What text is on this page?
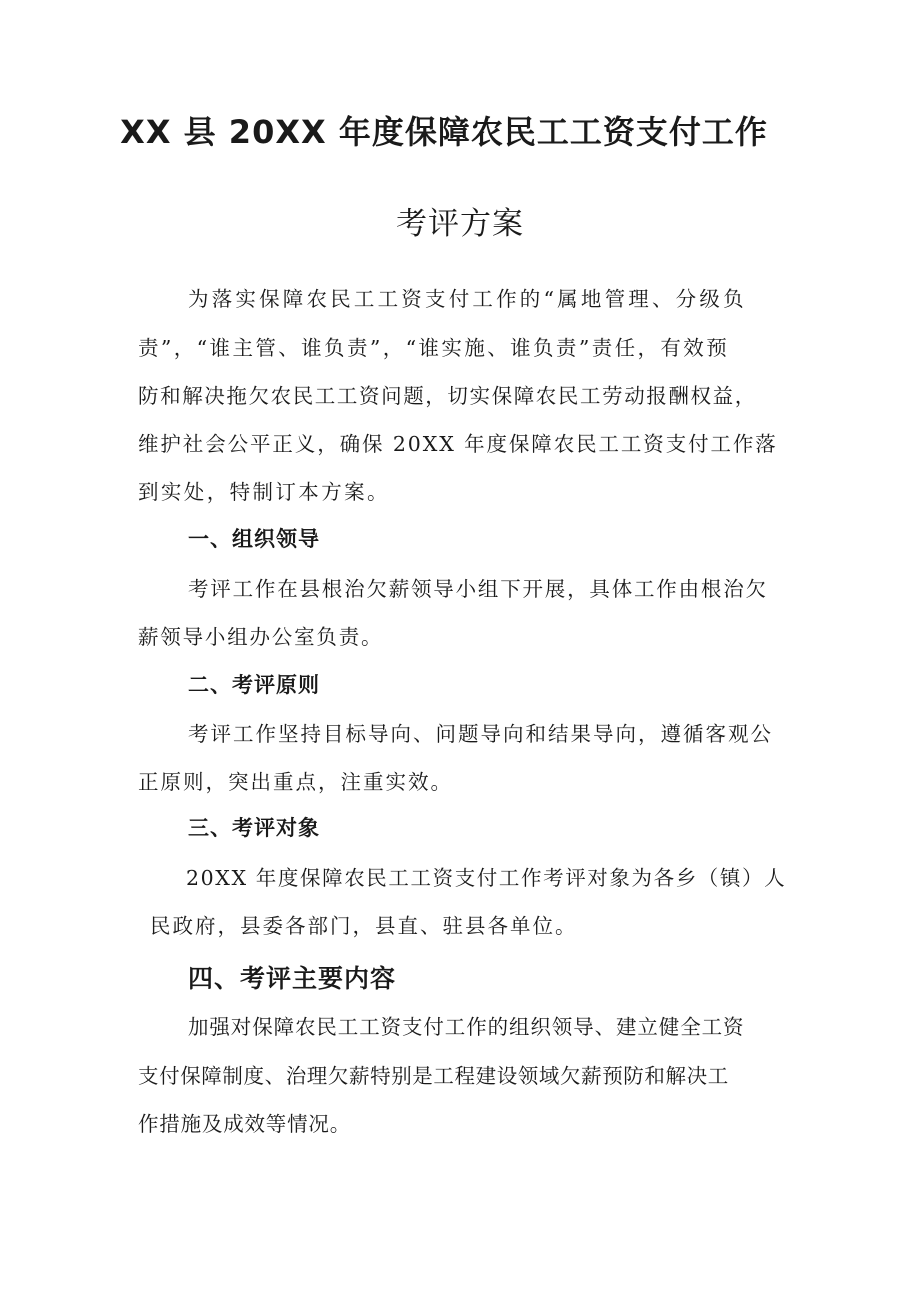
XX 县 20XX 年度保障农民工工资支付工作
考评方案

为落实保障农民工工资支付工作的“属地管理、分级负

责”，“谁主管、谁负责”，“谁实施、谁负责”责任，有效预

防和解决拖欠农民工工资问题，切实保障农民工劳动报酬权益，

维护社会公平正义，确保 20XX 年度保障农民工工资支付工作落

到实处，特制订本方案。

一、组织领导

考评工作在县根治欠薪领导小组下开展，具体工作由根治欠

薪领导小组办公室负责。

二、考评原则

考评工作坚持目标导向、问题导向和结果导向，遵循客观公

正原则，突出重点，注重实效。

三、考评对象

20XX 年度保障农民工工资支付工作考评对象为各乡（镇）人

民政府，县委各部门，县直、驻县各单位。

四、考评主要内容

加强对保障农民工工资支付工作的组织领导、建立健全工资

支付保障制度、治理欠薪特别是工程建设领域欠薪预防和解决工

作措施及成效等情况。
